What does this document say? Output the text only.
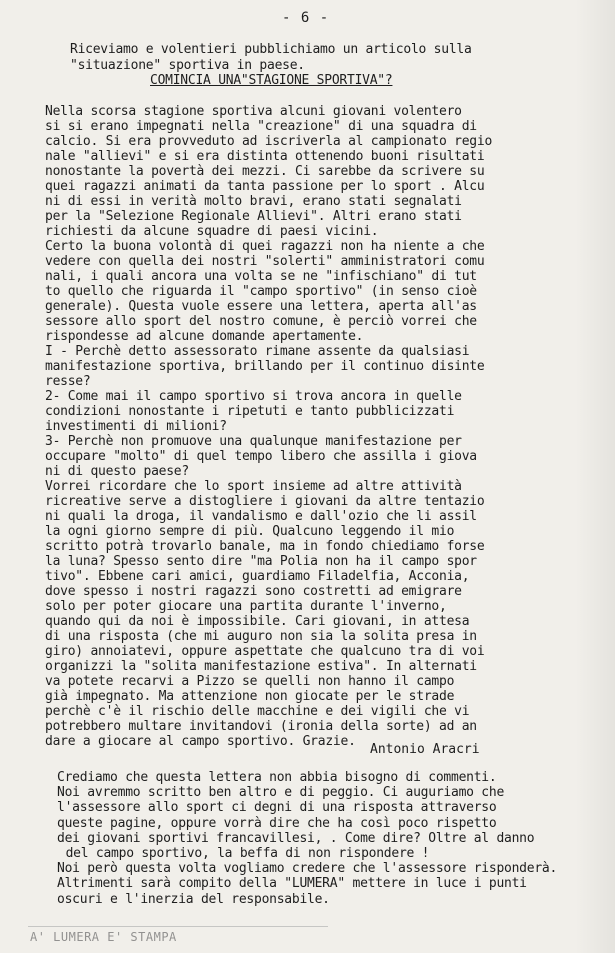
- 6 -
Riceviamo e volentieri pubblichiamo un articolo sulla
"situazione" sportiva in paese.
COMINCIA UNA"STAGIONE SPORTIVA"?
Nella scorsa stagione sportiva alcuni giovani volentero
si si erano impegnati nella "creazione" di una squadra di
calcio. Si era provveduto ad iscriverla al campionato regio
nale "allievi" e si era distinta ottenendo buoni risultati
nonostante la povertà dei mezzi. Ci sarebbe da scrivere su
quei ragazzi animati da tanta passione per lo sport . Alcu
ni di essi in verità molto bravi, erano stati segnalati
per la "Selezione Regionale Allievi". Altri erano stati
richiesti da alcune squadre di paesi vicini.
Certo la buona volontà di quei ragazzi non ha niente a che
vedere con quella dei nostri "solerti" amministratori comu
nali, i quali ancora una volta se ne "infischiano" di tut
to quello che riguarda il "campo sportivo" (in senso cioè
generale). Questa vuole essere una lettera, aperta all'as
sessore allo sport del nostro comune, è perciò vorrei che
rispondesse ad alcune domande apertamente.
I - Perchè detto assessorato rimane assente da qualsiasi
manifestazione sportiva, brillando per il continuo disinte
resse?
2- Come mai il campo sportivo si trova ancora in quelle
condizioni nonostante i ripetuti e tanto pubblicizzati
investimenti di milioni?
3- Perchè non promuove una qualunque manifestazione per
occupare "molto" di quel tempo libero che assilla i giova
ni di questo paese?
Vorrei ricordare che lo sport insieme ad altre attività
ricreative serve a distogliere i giovani da altre tentazio
ni quali la droga, il vandalismo e dall'ozio che li assil
la ogni giorno sempre di più. Qualcuno leggendo il mio
scritto potrà trovarlo banale, ma in fondo chiediamo forse
la luna? Spesso sento dire "ma Polia non ha il campo spor
tivo". Ebbene cari amici, guardiamo Filadelfia, Acconia,
dove spesso i nostri ragazzi sono costretti ad emigrare
solo per poter giocare una partita durante l'inverno,
quando qui da noi è impossibile. Cari giovani, in attesa
di una risposta (che mi auguro non sia la solita presa in
giro) annoiatevi, oppure aspettate che qualcuno tra di voi
organizzi la "solita manifestazione estiva". In alternati
va potete recarvi a Pizzo se quelli non hanno il campo
già impegnato. Ma attenzione non giocate per le strade
perchè c'è il rischio delle macchine e dei vigili che vi
potrebbero multare invitandovi (ironia della sorte) ad an
dare a giocare al campo sportivo. Grazie.
Antonio Aracri
Crediamo che questa lettera non abbia bisogno di commenti.
Noi avremmo scritto ben altro e di peggio. Ci auguriamo che
l'assessore allo sport ci degni di una risposta attraverso
queste pagine, oppure vorrà dire che ha così poco rispetto
dei giovani sportivi francavillesi, . Come dire? Oltre al danno
del campo sportivo, la beffa di non rispondere !
Noi però questa volta vogliamo credere che l'assessore risponderà.
Altrimenti sarà compito della "LUMERA" mettere in luce i punti
oscuri e l'inerzia del responsabile.
A' LUMERA E' STAMPA
